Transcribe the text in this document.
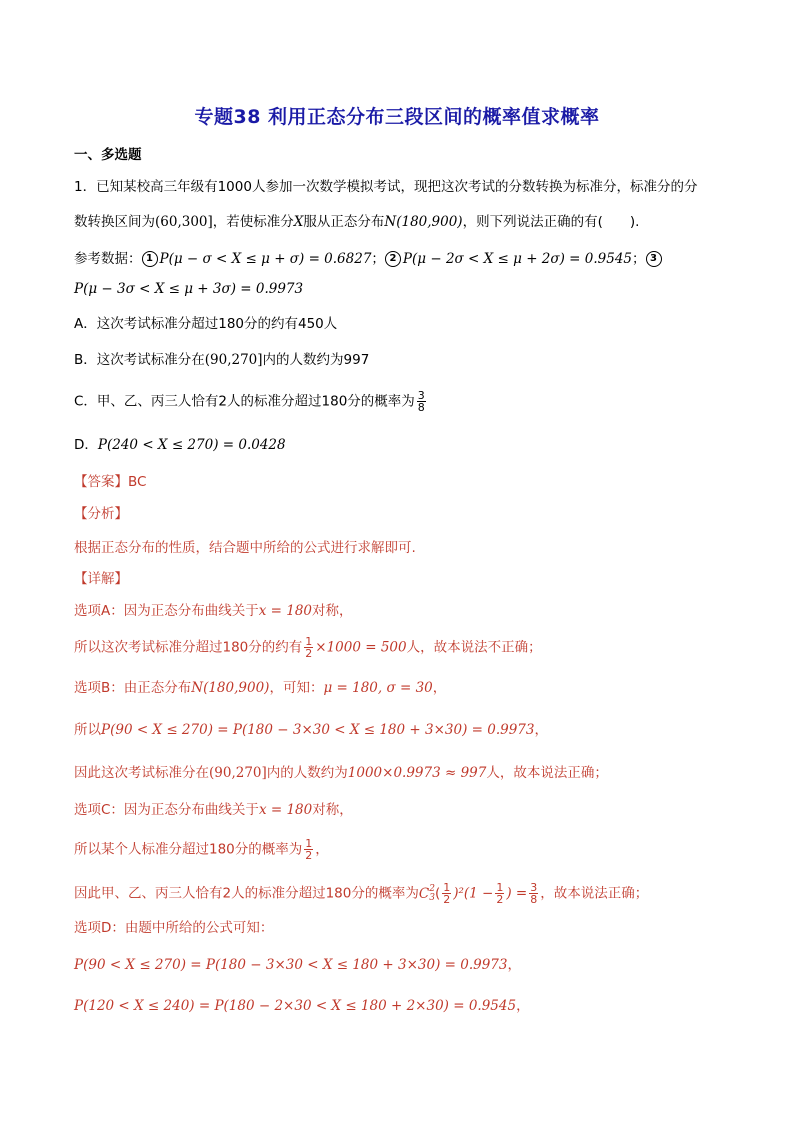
专题38 利用正态分布三段区间的概率值求概率
一、多选题
1．已知某校高三年级有1000人参加一次数学模拟考试，现把这次考试的分数转换为标准分，标准分的分
数转换区间为(60,300]，若使标准分X服从正态分布N(180,900)，则下列说法正确的有(　　).
参考数据： 1 P(μ − σ < X ≤ μ + σ) = 0.6827； 2 P(μ − 2σ < X ≤ μ + 2σ) = 0.9545； 3
P(μ − 3σ < X ≤ μ + 3σ) = 0.9973
A．这次考试标准分超过180分的约有450人
B．这次考试标准分在(90,270]内的人数约为997
C．甲、乙、丙三人恰有2人的标准分超过180分的概率为 $\frac{3}{8}$
D．P(240 < X ≤ 270) = 0.0428
【答案】BC
【分析】
根据正态分布的性质，结合题中所给的公式进行求解即可.
【详解】
选项A：因为正态分布曲线关于x = 180对称，
所以这次考试标准分超过180分的约有 $\frac{1}{2} \times 1000 = 500$人，故本说法不正确；
选项B：由正态分布N(180,900)，可知：μ = 180, σ = 30，
所以P(90 < X ≤ 270) = P(180 − 3×30 < X ≤ 180 + 3×30) = 0.9973，
因此这次考试标准分在(90,270]内的人数约为1000×0.9973 ≈ 997人，故本说法正确；
选项C：因为正态分布曲线关于x = 180对称，
所以某个人标准分超过180分的概率为 $\frac{1}{2}$ ，
因此甲、乙、丙三人恰有2人的标准分超过180分的概率为C 2
3 ( $\frac{1}{2} )^2(1 - \frac{1}{2}$ ) = $\frac{3}{8}$ ，故本说法正确；
选项D：由题中所给的公式可知：
P(90 < X ≤ 270) = P(180 − 3×30 < X ≤ 180 + 3×30) = 0.9973，
P(120 < X ≤ 240) = P(180 − 2×30 < X ≤ 180 + 2×30) = 0.9545，
